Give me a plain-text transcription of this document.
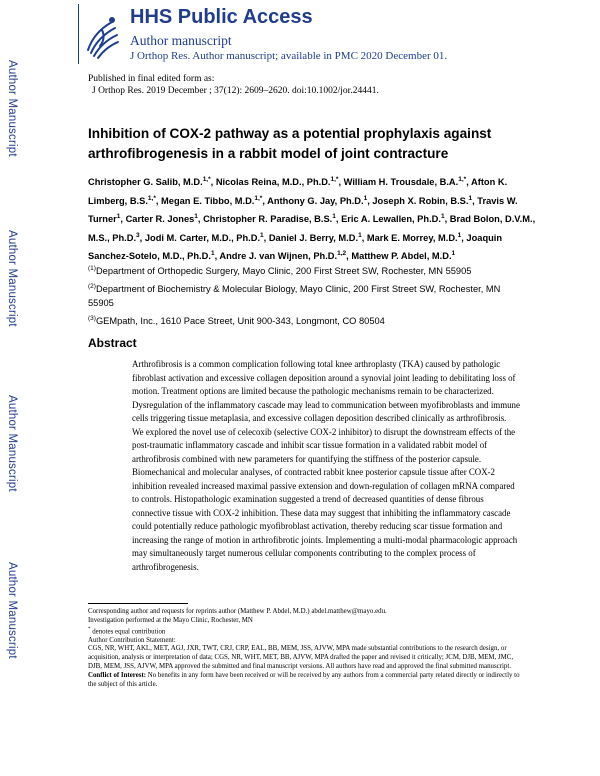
Author Manuscript
Author Manuscript
Author Manuscript
Author Manuscript
HHS Public Access
Author manuscript
J Orthop Res. Author manuscript; available in PMC 2020 December 01.
Published in final edited form as:
J Orthop Res. 2019 December ; 37(12): 2609–2620. doi:10.1002/jor.24441.
Inhibition of COX-2 pathway as a potential prophylaxis against arthrofibrogenesis in a rabbit model of joint contracture
Christopher G. Salib, M.D.$^{1,*}$, Nicolas Reina, M.D., Ph.D.$^{1,*}$, William H. Trousdale, B.A.$^{1,*}$, Afton K. Limberg, B.S.$^{1,*}$, Megan E. Tibbo, M.D.$^{1,*}$, Anthony G. Jay, Ph.D.$^1$, Joseph X. Robin, B.S.$^1$, Travis W. Turner$^1$, Carter R. Jones$^1$, Christopher R. Paradise, B.S.$^1$, Eric A. Lewallen, Ph.D.$^1$, Brad Bolon, D.V.M., M.S., Ph.D.$^3$, Jodi M. Carter, M.D., Ph.D.$^1$, Daniel J. Berry, M.D.$^1$, Mark E. Morrey, M.D.$^1$, Joaquin Sanchez-Sotelo, M.D., Ph.D.$^1$, Andre J. van Wijnen, Ph.D.$^{1,2}$, Matthew P. Abdel, M.D.$^1$
$^{(1)}$Department of Orthopedic Surgery, Mayo Clinic, 200 First Street SW, Rochester, MN 55905
$^{(2)}$Department of Biochemistry & Molecular Biology, Mayo Clinic, 200 First Street SW, Rochester, MN 55905
$^{(3)}$GEMpath, Inc., 1610 Pace Street, Unit 900-343, Longmont, CO 80504
Abstract

Arthrofibrosis is a common complication following total knee arthroplasty (TKA) caused by pathologic fibroblast activation and excessive collagen deposition around a synovial joint leading to debilitating loss of motion. Treatment options are limited because the pathologic mechanisms remain to be characterized. Dysregulation of the inflammatory cascade may lead to communication between myofibroblasts and immune cells triggering tissue metaplasia, and excessive collagen deposition described clinically as arthrofibrosis. We explored the novel use of celecoxib (selective COX-2 inhibitor) to disrupt the downstream effects of the post-traumatic inflammatory cascade and inhibit scar tissue formation in a validated rabbit model of arthrofibrosis combined with new parameters for quantifying the stiffness of the posterior capsule.

Biomechanical and molecular analyses, of contracted rabbit knee posterior capsule tissue after COX-2 inhibition revealed increased maximal passive extension and down-regulation of collagen mRNA compared to controls. Histopathologic examination suggested a trend of decreased quantities of dense fibrous connective tissue with COX-2 inhibition. These data may suggest that inhibiting the inflammatory cascade could potentially reduce pathologic myofibroblast activation, thereby reducing scar tissue formation and increasing the range of motion in arthrofibrotic joints. Implementing a multi-modal pharmacologic approach may simultaneously target numerous cellular components contributing to the complex process of arthrofibrogenesis.

Corresponding author and requests for reprints author (Matthew P. Abdel, M.D.) abdel.matthew@mayo.edu.
Investigation performed at the Mayo Clinic, Rochester, MN
* denotes equal contribution
Author Contribution Statement:
CGS, NR, WHT, AKL, MET, AGJ, JXR, TWT, CRJ, CRP, EAL, BB, MEM, JSS, AJVW, MPA made substantial contributions to the research design, or acquisition, analysis or interpretation of data; CGS, NR, WHT, MET, BB, AJVW, MPA drafted the paper and revised it critically; JCM, DJB, MEM, JMC, DJB, MEM, JSS, AJVW, MPA approved the submitted and final manuscript versions. All authors have read and approved the final submitted manuscript.
Conflict of Interest: No benefits in any form have been received or will be received by any authors from a commercial party related directly or indirectly to the subject of this article.
